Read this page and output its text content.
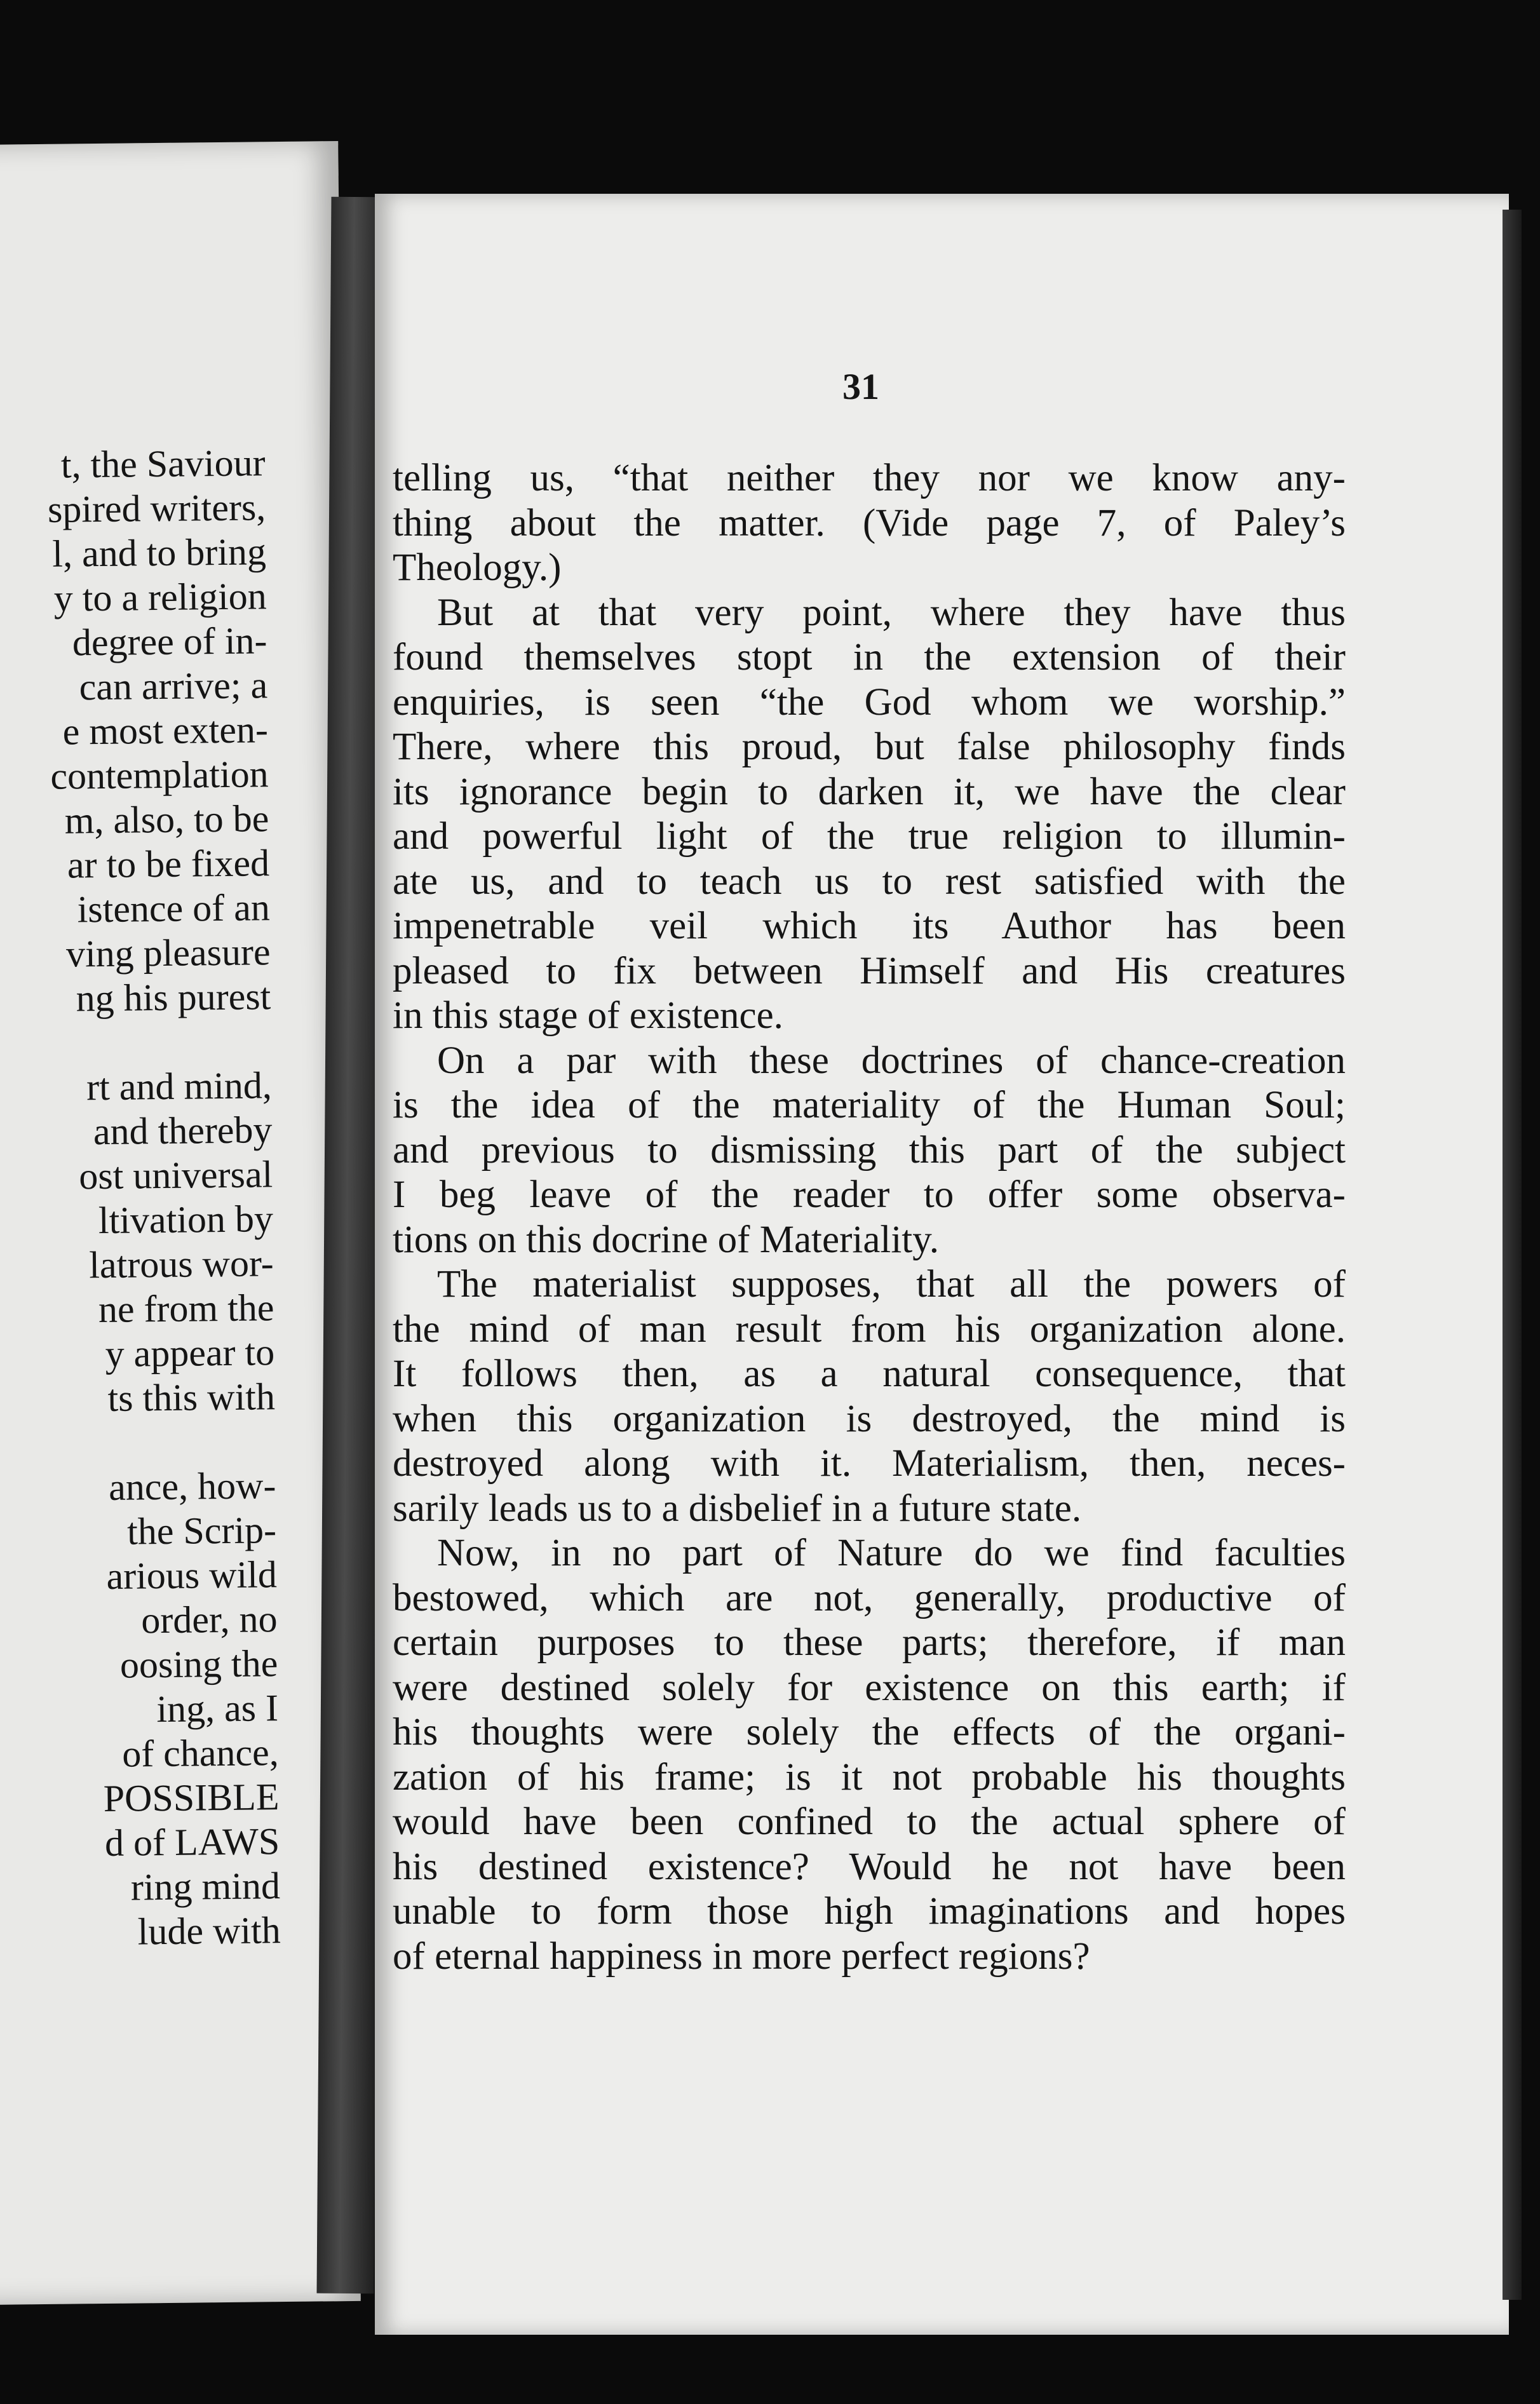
t, the Saviour
spired writers,
l, and to bring
y to a religion
degree of in-
can arrive; a
e most exten-
contemplation
m, also, to be
ar to be fixed
istence of an
ving pleasure
ng his purest
rt and mind,
and thereby
ost universal
ltivation by
latrous wor-
ne from the
y appear to
ts this with
ance, how-
the Scrip-
arious wild
order, no
oosing the
ing, as I
of chance,
POSSIBLE
d of LAWS
ring mind
lude with
31
telling us, “that neither they nor we know any-
thing about the matter. (Vide page 7, of Paley’s
Theology.)
But at that very point, where they have thus
found themselves stopt in the extension of their
enquiries, is seen “the God whom we worship.”
There, where this proud, but false philosophy finds
its ignorance begin to darken it, we have the clear
and powerful light of the true religion to illumin-
ate us, and to teach us to rest satisfied with the
impenetrable veil which its Author has been
pleased to fix between Himself and His creatures
in this stage of existence.
On a par with these doctrines of chance-creation
is the idea of the materiality of the Human Soul;
and previous to dismissing this part of the subject
I beg leave of the reader to offer some observa-
tions on this docrine of Materiality.
The materialist supposes, that all the powers of
the mind of man result from his organization alone.
It follows then, as a natural consequence, that
when this organization is destroyed, the mind is
destroyed along with it. Materialism, then, neces-
sarily leads us to a disbelief in a future state.
Now, in no part of Nature do we find faculties
bestowed, which are not, generally, productive of
certain purposes to these parts; therefore, if man
were destined solely for existence on this earth; if
his thoughts were solely the effects of the organi-
zation of his frame; is it not probable his thoughts
would have been confined to the actual sphere of
his destined existence? Would he not have been
unable to form those high imaginations and hopes
of eternal happiness in more perfect regions?
